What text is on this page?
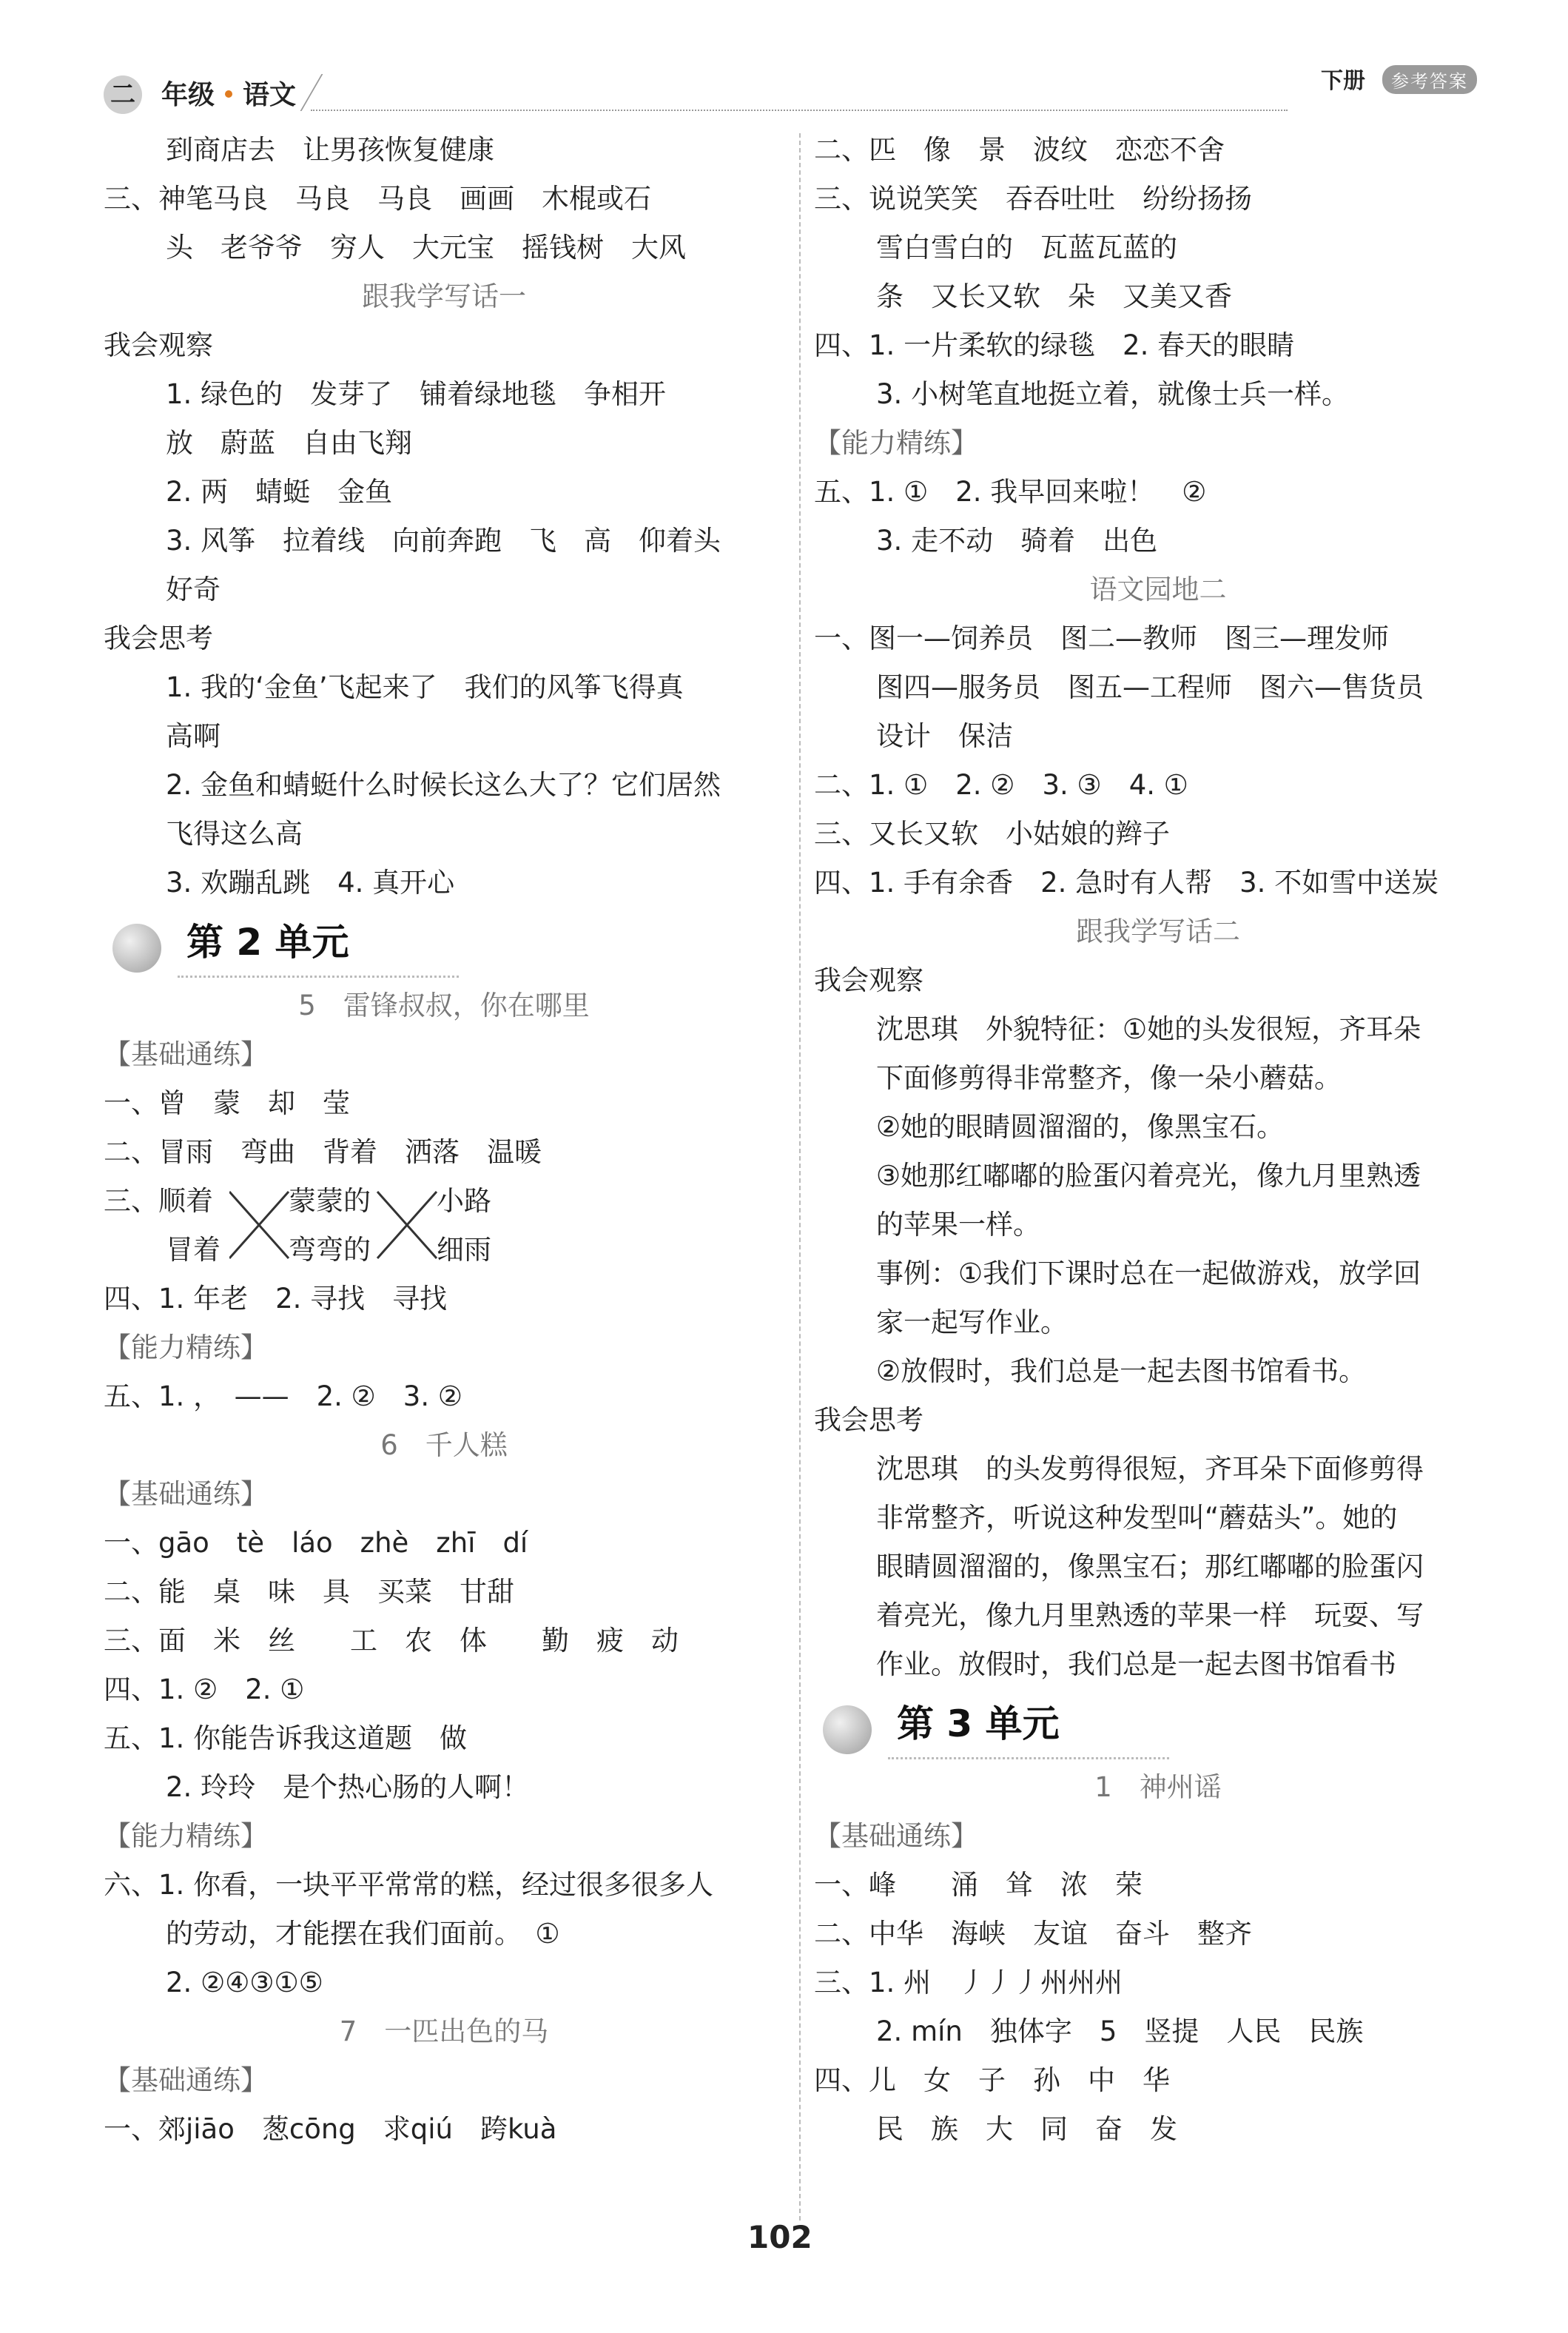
二 年级 语文	下册	参考答案
到商店去　让男孩恢复健康
三、神笔马良　马良　马良　画画　木棍或石
头　老爷爷　穷人　大元宝　摇钱树　大风
跟我学写话一
我会观察
1. 绿色的　发芽了　铺着绿地毯　争相开
放　蔚蓝　自由飞翔
2. 两　蜻蜓　金鱼
3. 风筝　拉着线　向前奔跑　飞　高　仰着头
好奇
我会思考
1. 我的‘金鱼’飞起来了　我们的风筝飞得真
高啊
2. 金鱼和蜻蜓什么时候长这么大了？它们居然
飞得这么高
3. 欢蹦乱跳　4. 真开心
第 2 单元
5　雷锋叔叔，你在哪里
【基础通练】
一、曾　蒙　却　莹
二、冒雨　弯曲　背着　洒落　温暖
三、顺着	蒙蒙的 小路
冒着 弯弯的 细雨
四、1. 年老　2. 寻找　寻找
【能力精练】
五、1. ，　——　2. ②　3. ②
6　千人糕
【基础通练】
一、gāo　tè　láo　zhè　zhī　dí
二、能　桌　味　具　买菜　甘甜
三、面　米　丝　　工　农　体　　勤　疲　动
四、1. ②　2. ①
五、1. 你能告诉我这道题　做
2. 玲玲　是个热心肠的人啊！
【能力精练】
六、1. 你看，一块平平常常的糕，经过很多很多人
的劳动，才能摆在我们面前。　①
2. ②④③①⑤
7　一匹出色的马
【基础通练】
一、郊jiāo　葱cōng　求qiú　跨kuà
二、匹　像　景　波纹　恋恋不舍
三、说说笑笑　吞吞吐吐　纷纷扬扬
雪白雪白的　瓦蓝瓦蓝的
条　又长又软　朵　又美又香
四、1. 一片柔软的绿毯　2. 春天的眼睛
3. 小树笔直地挺立着，就像士兵一样。
【能力精练】
五、1. ①　2. 我早回来啦！　②
3. 走不动　骑着　出色
语文园地二
一、图一—饲养员　图二—教师　图三—理发师
图四—服务员　图五—工程师　图六—售货员
设计　保洁
二、1. ①　2. ②　3. ③　4. ①
三、又长又软　小姑娘的辫子
四、1. 手有余香　2. 急时有人帮　3. 不如雪中送炭
跟我学写话二
我会观察
沈思琪　外貌特征：①她的头发很短，齐耳朵
下面修剪得非常整齐，像一朵小蘑菇。
②她的眼睛圆溜溜的，像黑宝石。
③她那红嘟嘟的脸蛋闪着亮光，像九月里熟透
的苹果一样。
事例：①我们下课时总在一起做游戏，放学回
家一起写作业。
②放假时，我们总是一起去图书馆看书。
我会思考
沈思琪　的头发剪得很短，齐耳朵下面修剪得
非常整齐，听说这种发型叫“蘑菇头”。她的
眼睛圆溜溜的，像黑宝石；那红嘟嘟的脸蛋闪
着亮光，像九月里熟透的苹果一样　玩耍、写
作业。放假时，我们总是一起去图书馆看书
第 3 单元
1　神州谣
【基础通练】
一、峰　　涌　耸　浓　荣
二、中华　海峡　友谊　奋斗　整齐
三、1. 州　丿丿丿州州州
2. mín　独体字　5　竖提　人民　民族
四、儿　女　子　孙　中　华
民　族　大　同　奋　发
102
